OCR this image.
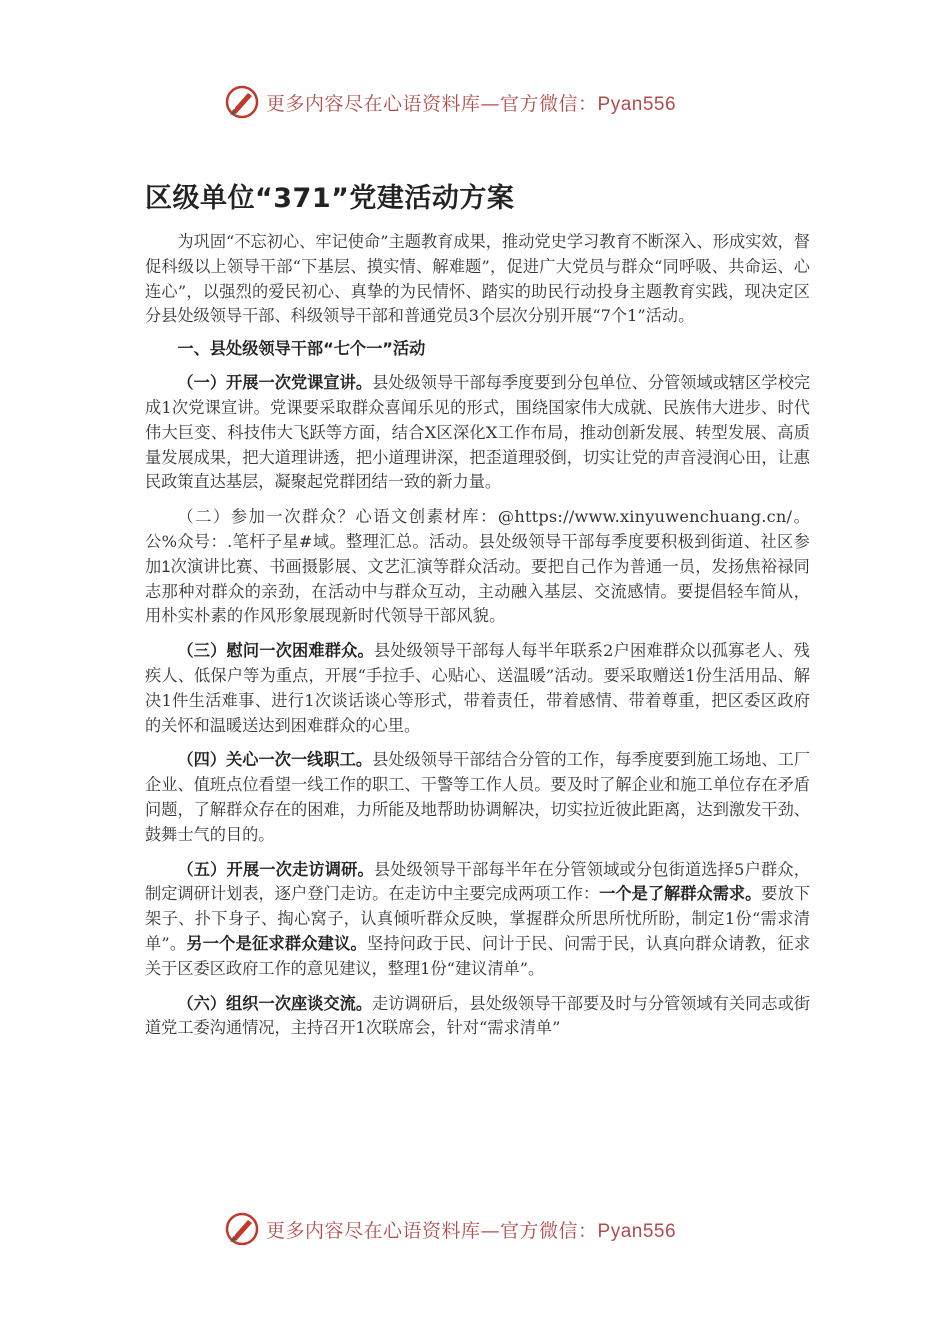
更多内容尽在心语资料库—官方微信：Pyan556
区级单位“371”党建活动方案

为巩固“不忘初心、牢记使命”主题教育成果，推动党史学习教育不断深入、形成实效，督促科级以上领导干部“下基层、摸实情、解难题”，促进广大党员与群众“同呼吸、共命运、心连心”，以强烈的爱民初心、真挚的为民情怀、踏实的助民行动投身主题教育实践，现决定区分县处级领导干部、科级领导干部和普通党员3个层次分别开展“7个1”活动。

一、县处级领导干部“七个一”活动

（一）开展一次党课宣讲。县处级领导干部每季度要到分包单位、分管领域或辖区学校完成1次党课宣讲。党课要采取群众喜闻乐见的形式，围绕国家伟大成就、民族伟大进步、时代伟大巨变、科技伟大飞跃等方面，结合X区深化X工作布局，推动创新发展、转型发展、高质量发展成果，把大道理讲透，把小道理讲深，把歪道理驳倒，切实让党的声音浸润心田，让惠民政策直达基层，凝聚起党群团结一致的新力量。

（二）参加一次群众？心语文创素材库：@https://www.xinyuwenchuang.cn/。公%众号：.笔杆子星#域。整理汇总。活动。县处级领导干部每季度要积极到街道、社区参加1次演讲比赛、书画摄影展、文艺汇演等群众活动。要把自己作为普通一员，发扬焦裕禄同志那种对群众的亲劲，在活动中与群众互动，主动融入基层、交流感情。要提倡轻车简从，用朴实朴素的作风形象展现新时代领导干部风貌。

（三）慰问一次困难群众。县处级领导干部每人每半年联系2户困难群众以孤寡老人、残疾人、低保户等为重点，开展“手拉手、心贴心、送温暖”活动。要采取赠送1份生活用品、解决1件生活难事、进行1次谈话谈心等形式，带着责任，带着感情、带着尊重，把区委区政府的关怀和温暖送达到困难群众的心里。

（四）关心一次一线职工。县处级领导干部结合分管的工作，每季度要到施工场地、工厂企业、值班点位看望一线工作的职工、干警等工作人员。要及时了解企业和施工单位存在矛盾问题，了解群众存在的困难，力所能及地帮助协调解决，切实拉近彼此距离，达到激发干劲、鼓舞士气的目的。

（五）开展一次走访调研。县处级领导干部每半年在分管领域或分包街道选择5户群众，制定调研计划表，逐户登门走访。在走访中主要完成两项工作：一个是了解群众需求。要放下架子、扑下身子、掏心窝子，认真倾听群众反映，掌握群众所思所忧所盼，制定1份“需求清单”。另一个是征求群众建议。坚持问政于民、问计于民、问需于民，认真向群众请教，征求关于区委区政府工作的意见建议，整理1份“建议清单”。

（六）组织一次座谈交流。走访调研后，县处级领导干部要及时与分管领域有关同志或街道党工委沟通情况，主持召开1次联席会，针对“需求清单”

更多内容尽在心语资料库—官方微信：Pyan556
